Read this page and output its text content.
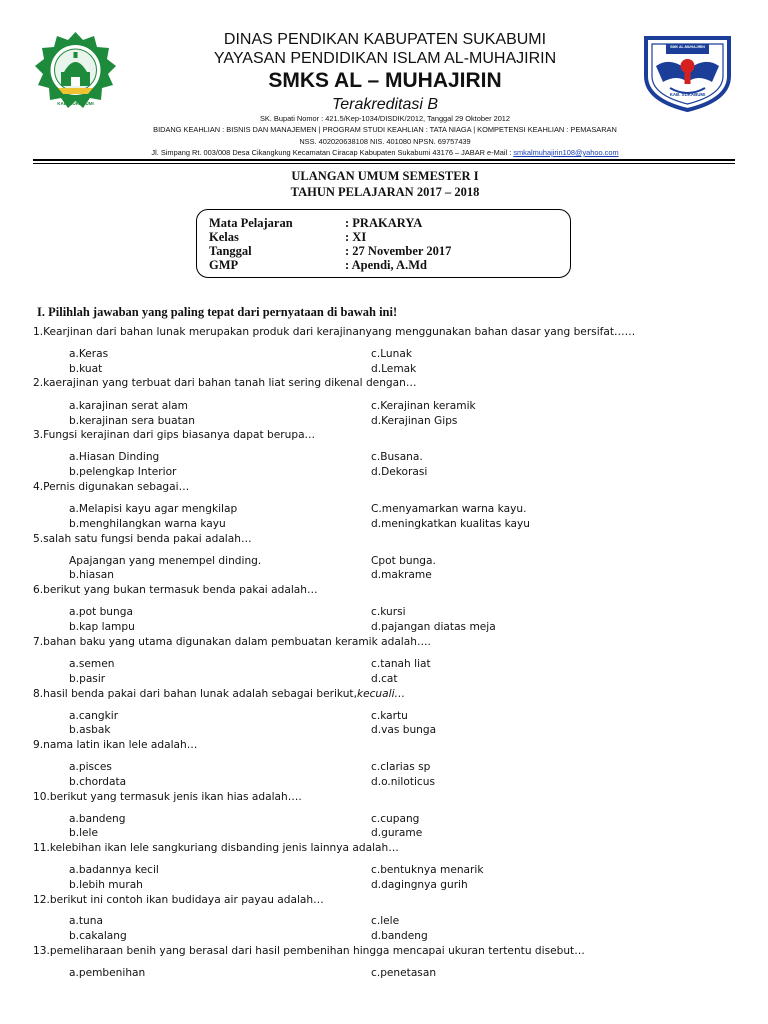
KAB. SUKABUMI
SMK AL-MUHAJIRIN
KAB. SUKABUMI
DINAS PENDIKAN KABUPATEN SUKABUMI
YAYASAN PENDIDIKAN ISLAM AL-MUHAJIRIN
SMKS AL – MUHAJIRIN
Terakreditasi B
SK. Bupati Nomor : 421.5/Kep-1034/DISDIK/2012, Tanggal 29 Oktober 2012
BIDANG KEAHLIAN : BISNIS DAN MANAJEMEN | PROGRAM STUDI KEAHLIAN : TATA NIAGA | KOMPETENSI KEAHLIAN : PEMASARAN
NSS. 402020638108 NIS. 401080 NPSN. 69757439
Jl. Simpang Rt. 003/008 Desa Cikangkung Kecamatan Ciracap Kabupaten Sukabumi 43176 – JABAR e-Mail : smkalmuhajirin108@yahoo.com
ULANGAN UMUM SEMESTER I
TAHUN PELAJARAN 2017 – 2018
Mata Pelajaran	: PRAKARYA
Kelas	: XI
Tanggal	: 27 November 2017
GMP	: Apendi, A.Md
I. Pilihlah jawaban yang paling tepat dari pernyataan di bawah ini!
1.Kearjinan dari bahan lunak merupakan produk dari kerajinanyang menggunakan bahan dasar yang bersifat……
a.Keras	c.Lunak
b.kuat	d.Lemak
2.kaerajinan yang terbuat dari bahan tanah liat sering dikenal dengan…
a.karajinan serat alam	c.Kerajinan keramik
b.kerajinan sera buatan	d.Kerajinan Gips
3.Fungsi kerajinan dari gips biasanya dapat berupa…
a.Hiasan Dinding	c.Busana.
b.pelengkap Interior	d.Dekorasi
4.Pernis digunakan sebagai…
a.Melapisi kayu agar mengkilap	C.menyamarkan warna kayu.
b.menghilangkan warna kayu	d.meningkatkan kualitas kayu
5.salah satu fungsi benda pakai adalah…
Apajangan yang menempel dinding.	Cpot bunga.
b.hiasan	d.makrame
6.berikut yang bukan termasuk benda pakai adalah…
a.pot bunga	c.kursi
b.kap lampu	d.pajangan diatas meja
7.bahan baku yang utama digunakan dalam pembuatan keramik adalah….
a.semen	c.tanah liat
b.pasir	d.cat
8.hasil benda pakai dari bahan lunak adalah sebagai berikut,kecuali…
a.cangkir	c.kartu
b.asbak	d.vas bunga
9.nama latin ikan lele adalah…
a.pisces	c.clarias sp
b.chordata	d.o.niloticus
10.berikut yang termasuk jenis ikan hias adalah….
a.bandeng	c.cupang
b.lele	d.gurame
11.kelebihan ikan lele sangkuriang disbanding jenis lainnya adalah…
a.badannya kecil	c.bentuknya menarik
b.lebih murah	d.dagingnya gurih
12.berikut ini contoh ikan budidaya air payau adalah…
a.tuna	c.lele
b.cakalang	d.bandeng
13.pemeliharaan benih yang berasal dari hasil pembenihan hingga mencapai ukuran tertentu disebut…
a.pembenihan	c.penetasan
